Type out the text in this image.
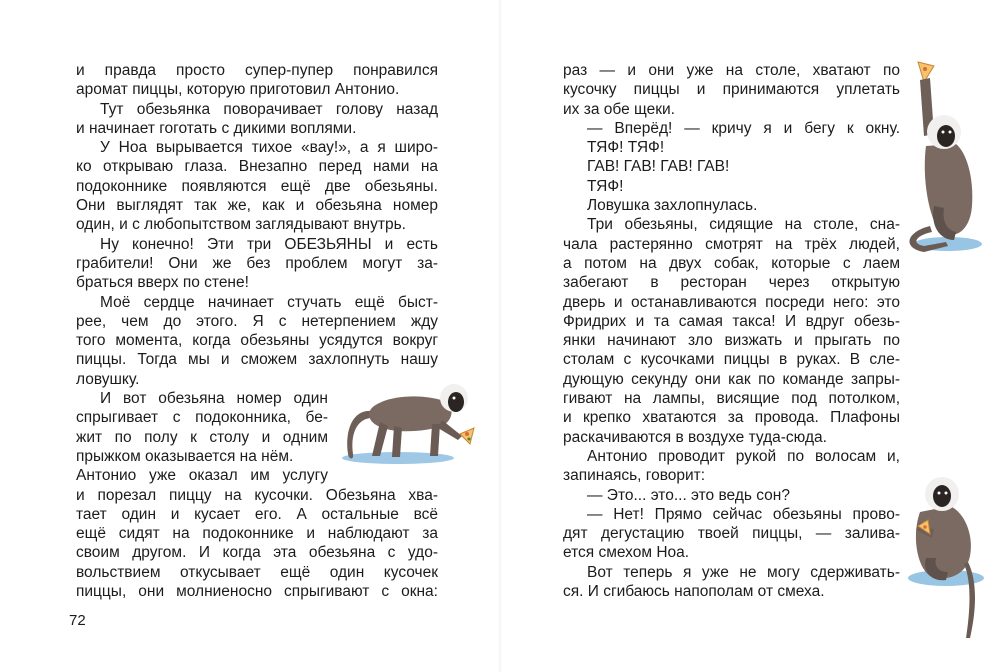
и правда просто супер-пупер понравился

аромат пиццы, которую приготовил Антонио.

Тут обезьянка поворачивает голову назад

и начинает гоготать с дикими воплями.

У Ноа вырывается тихое «вау!», а я широ-

ко открываю глаза. Внезапно перед нами на

подоконнике появляются ещё две обезьяны.

Они выглядят так же, как и обезьяна номер

один, и с любопытством заглядывают внутрь.

Ну конечно! Эти три ОБЕЗЬЯНЫ и есть

грабители! Они же без проблем могут за-

браться вверх по стене!

Моё сердце начинает стучать ещё быст-

рее, чем до этого. Я с нетерпением жду

того момента, когда обезьяны усядутся вокруг

пиццы. Тогда мы и сможем захлопнуть нашу

ловушку.

И вот обезьяна номер один

спрыгивает с подоконника, бе-

жит по полу к столу и одним

прыжком оказывается на нём.

Антонио уже оказал им услугу

и порезал пиццу на кусочки. Обезьяна хва-

тает один и кусает его. А остальные всё

ещё сидят на подоконнике и наблюдают за

своим другом. И когда эта обезьяна с удо-

вольствием откусывает ещё один кусочек

пиццы, они молниеносно спрыгивают с окна:

72

раз — и они уже на столе, хватают по

кусочку пиццы и принимаются уплетать

их за обе щеки.

— Вперёд! — кричу я и бегу к окну.

ТЯФ! ТЯФ!

ГАВ! ГАВ! ГАВ! ГАВ!

ТЯФ!

Ловушка захлопнулась.

Три обезьяны, сидящие на столе, сна-

чала растерянно смотрят на трёх людей,

а потом на двух собак, которые с лаем

забегают в ресторан через открытую

дверь и останавливаются посреди него: это

Фридрих и та самая такса! И вдруг обезь-

янки начинают зло визжать и прыгать по

столам с кусочками пиццы в руках. В сле-

дующую секунду они как по команде запры-

гивают на лампы, висящие под потолком,

и крепко хватаются за провода. Плафоны

раскачиваются в воздухе туда-сюда.

Антонио проводит рукой по волосам и,

запинаясь, говорит:

— Это... это... это ведь сон?

— Нет! Прямо сейчас обезьяны прово-

дят дегустацию твоей пиццы, — залива-

ется смехом Ноа.

Вот теперь я уже не могу сдерживать-

ся. И сгибаюсь напополам от смеха.
